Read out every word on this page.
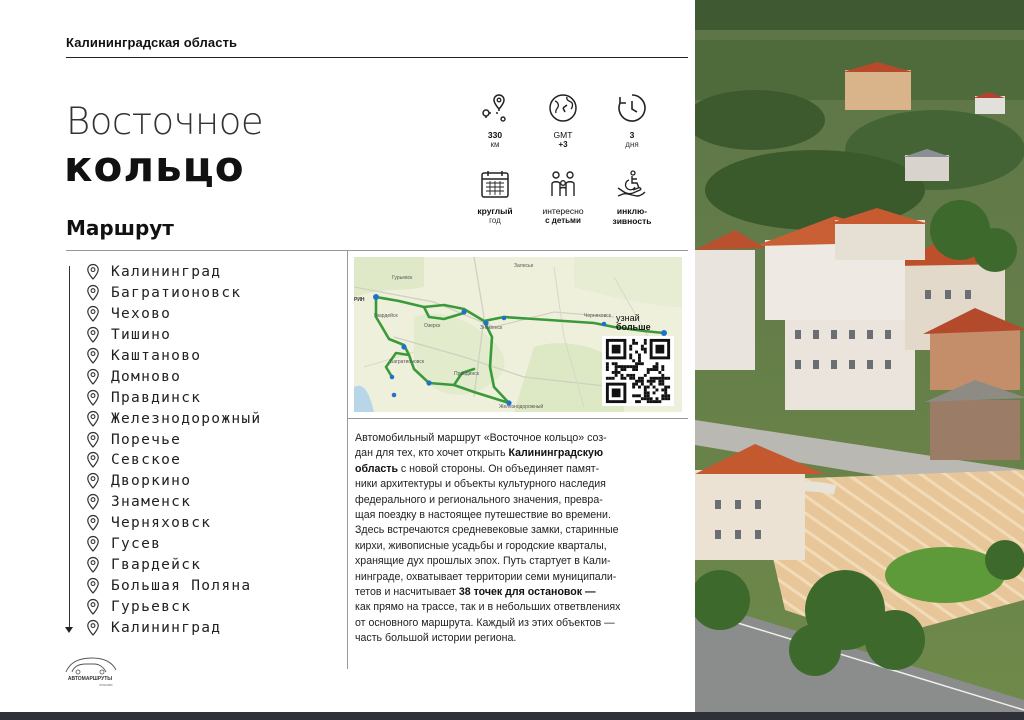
Калининградская область
Восточное
кольцо
Маршрут
330
км
GMT
+3
3
дня
круглый
год
интересно
с детьми
инклю-
зивность
Калининград
Багратионовск
Чехово
Тишино
Каштаново
Домново
Правдинск
Железнодорожный
Поречье
Севское
Дворкино
Знаменск
Черняховск
Гусев
Гвардейск
Большая Поляна
Гурьевск
Калининград
Гурьевск
Залесье
Черняховск
Знаменск
Озерск
Правдинск
Багратионовск
Железнодорожный
Гвардейск
РИН
узнай
больше
Автомобильный маршрут «Восточное кольцо» соз-
дан для тех, кто хочет открыть Калининградскую
область с новой стороны. Он объединяет памят-
ники архитектуры и объекты культурного наследия
федерального и регионального значения, превра-
щая поездку в настоящее путешествие во времени.
Здесь встречаются средневековые замки, старинные
кирхи, живописные усадьбы и городские кварталы,
хранящие дух прошлых эпох. Путь стартует в Кали-
нинграде, охватывает территории семи муниципали-
тетов и насчитывает 38 точек для остановок —
как прямо на трассе, так и в небольших ответвлениях
от основного маршрута. Каждый из этих объектов —
часть большой истории региона.
АВТОМАРШРУТЫ
РОССИИ
